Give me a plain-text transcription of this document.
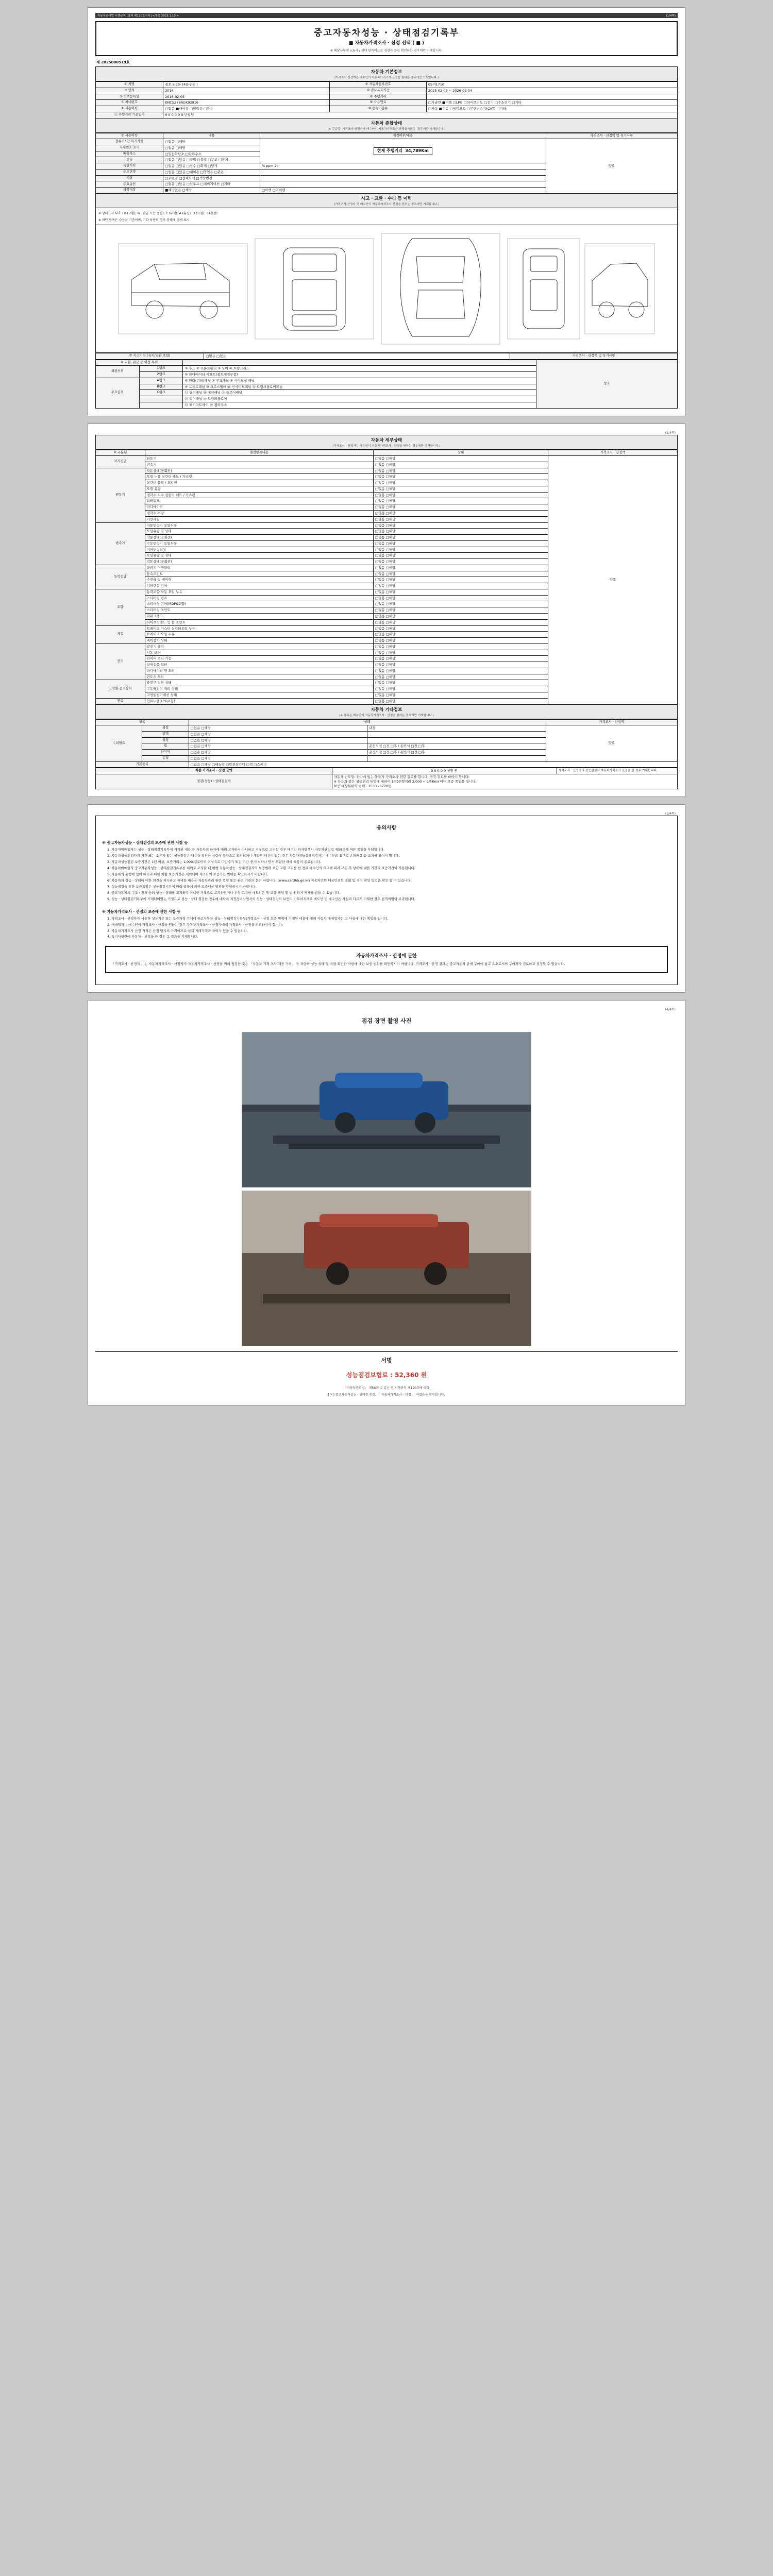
자동차관리법 시행규칙 [별지 제120호서식] <개정 2025.1.10.>	(1/4쪽)
중고자동차성능 · 상태점검기록부
■ 자동차가격조사 · 산정 선택 ( ■ )
※ 해당사항에 ∨표시 / 선택 항목이므로 점검자 본인 확인하는 경우에만 기재합니다.
제 2025000519호
자동차 기본정보
(가격조사·산정자는 매수인이 자동차가격조사·산정을 원하는 경우에만 기재합니다.)
① 차명	볼보 S 1톤 (4륜구동 )	② 자동차등록번호	05여1710
③ 연식	2016	④ 검사유효기간	2025-02-05 ~ 2026-02-04
⑤ 최초등록일	2016-02-05	⑥ 주행거리	
⑦ 차대번호	KNCSZ78AGK92916	⑧ 사용연료	□가솔린 ■디젤 □LPG □하이브리드 □전기 □수소전기 □기타
⑨ 사용이력	□없음 ■대여용 □영업용 □관용	⑩ 변속기종류	□자동 ■수동 □세미오토 □무단변속기(CVT) □기타
⑪ 주행거리 기준일자	0 0 0 0 0 0 년월일		
자동차 종합상태
(※ 주유량, 가격조사·산정자가 매수인이 자동차가격조사·산정을 원하는 경우에만 기재합니다.)
③ 사용이력	내용	점검여부/내용	가격조사 · 산정액 및 특기사항
전류기/ 압 특기사항	□없음 □해당	현재 주행거리 34,789Km	양호
자체번호 표기	□없음 □해당		
배출가스	□일산화탄소 □탄화수소		
튜닝	□없음 □있음 □적법 □불법 □구조 □장치		
특별이력	□없음 □있음 □침수 □화재 □덮개	% ppm 2t	
용도변경	□없음 □있음 □대여용 □영업용 □관용		
색상	□무변경 □전체도색 □색상변경		
주요옵션	□없음 □있음 □선루프 □내비게이션 □기타		
리콜대상	■해당없음 □해당	□이행 □미이행	
사고 · 교환 · 수리 등 이력
(가격조사·산정자 및 매수인이 자동차가격조사·산정을 원하는 경우에만 기재합니다.)
※ 상태표시 부호 : X (교환), W (판금 또는 용접), C (부식), A (흠집), U (요철), T (손상)
※ 하단 항목은 승용차 기준이며, 기타 차량의 경우 상태에 맞게 표시
⑦ 사고이력 (유지/교환 포함)	□없음 □있음	가격조사 · 산정액 및 특기사항
※ 교환, 판금 등 이상 부위			양호
외판부위	1랭크	① 후드 ② 프론트휀더 ③ 도어 ④ 트렁크리드	
	2랭크	⑤ 라디에이터 서포트(볼트체결부품)	
주요골격	A랭크	⑥ 휀더(쿼터)패널 ⑦ 루프패널 ⑧ 사이드실 패널	
	B랭크	⑨ 프론트패널 ⑩ 크로스멤버 ⑪ 인사이드패널 ⑫ 트렁크플로어패널	
	C랭크	⑬ 필러패널 ⑭ 대쉬패널 ⑮ 플로어패널	
		⑯ 리어패널 ⑰ 트렁크플로어	
		⑱ 패키지트레이 ⑲ 휠하우스	
(2/4쪽)
자동차 세부상태
(가격조사 · 산정자는 매수인이 자동차가격조사 · 산정을 원하는 경우에만 기재합니다.)
⑧ 구분된	점검항목내용	상태	가격조사 · 산정액
자기진단	원동기	□없음 □해당	양호
	변속기	□없음 □해당	
원동기	작동상태(공회전)	□없음 □해당	
	오일 누유 실린더 헤드 / 가스켓	□없음 □해당	
	실린더 블록 / 오일팬	□없음 □해당	
	오일 유량	□없음 □해당	
	냉각수 누수 실린더 헤드 / 가스켓	□없음 □해당	
	워터펌프	□없음 □해당	
	라디에이터	□없음 □해당	
	냉각수 수량	□없음 □해당	
	커먼레일	□없음 □해당	
변속기	자동변속기 오일누유	□없음 □해당	
	오일유량 및 상태	□없음 □해당	
	작동상태(공회전)	□없음 □해당	
	수동변속기 오일누유	□없음 □해당	
	기어변속장치	□없음 □해당	
	오일유량 및 상태	□없음 □해당	
	작동상태(공회전)	□없음 □해당	
동력전달	클러치 어셈블리	□없음 □해당	
	등속조인트	□없음 □해당	
	추진축 및 베어링	□없음 □해당	
	디퍼렌셜 기어	□없음 □해당	
조향	동력조향 작동 오일 누유	□없음 □해당	
	스티어링 펌프	□없음 □해당	
	스티어링 기어(MDPS포함)	□없음 □해당	
	스티어링 조인트	□없음 □해당	
	파워크랭크	□없음 □해당	
	타이로드엔드 및 볼 조인트	□없음 □해당	
제동	브레이크 마스터 실린더오일 누유	□없음 □해당	
	브레이크 오일 누유	□없음 □해당	
	배력장치 상태	□없음 □해당	
전기	발전기 출력	□없음 □해당	
	시동 모터	□없음 □해당	
	와이퍼 모터 기능	□없음 □해당	
	실내송풍 모터	□없음 □해당	
	라디에이터 팬 모터	□없음 □해당	
	윈도우 모터	□없음 □해당	
고전원 전기장치	충전구 절연 상태	□없음 □해당	
	구동축전지 격리 상태	□없음 □해당	
	고전원전기배선 상태	□없음 □해당	
연료	연료누출(LPG포함)	□없음 □해당	
자동차 기타정보
(※ 항목은 매수인이 자동차가격조사 · 산정을 원하는 경우에만 기재합니다.)
항목		상태		가격조사 · 산정액
수리필요	외장	□없음 □해당	내장	양호
	광택	□없음 □해당		
	룸싱	□없음 □해당		
	휠	□없음 □해당	운전석전 □전 □후 / 동반석 □전 □후	
	타이어	□없음 □해당	운전석전 □전 □후 / 동반석 □전 □후	
	유리	□없음 □해당		
기본품목		□없음 □해당 □메뉴얼 □안전삼각대 □잭 □스패너		
최종 가격조사 · 산정 금액	0 0 0 0 0 천원 원	가격조사 · 산정자의 성능점검자 자동차가격조사 산정을 한 경우 기재합니다.
점검(성능) · 상태점검자	자동차 인도일: 하자에 있는 물품가 가격조사 점검 검토를 합니다. 점검 검토를 하여야 합니다.
※ 다음과 같은 성능점검 내역에 대하여 1년(주행거리 2,000 ~ 1만Km) 이내 보증 책임을 집니다.
보증 대상부위와 범위 : 1533~0720번	
(3/4쪽)
유의사항
※ 중고자동차성능 · 상태점검의 보증에 관한 사항 등
1. 자동차매매업자는 성능 · 상태점검기록부에 기재된 내용 등 자동차의 하자에 대해 고지하지 아니하고 거짓으로 고지할 경우 매수인 하자발생시 자동차관리법 제58조에 따른 책임을 부담합니다.
2. 자동차성능점검자가 거짓 또는 오류가 있는 성능점검은 내용을 확인한 사람이 불량으로 확인되거나 계약된 내용이 없는 경우 자동차성능상태점검자는 매수인의 요구로 손해배상 등 조치를 하여야 합니다.
3. 자동차성능점검 보증기간은 1년 이상, 보증거리는 1,000 킬로미터 이상으로 다만주기 또는 기간 중 어느하나 먼저 도달한 때에 보증이 종료됩니다.
4. 자동차매매업자 중고자동차성능 · 상태점검기록부를 허위로 고지할 때 현행 자동차성능 · 상태점검자의 보증범위 포함 교환 고지를 한 경우 매수인의 요구에 따라 구입 후 상태에 대한 기간의 보증기간이 적용됩니다.
5. 자동차의 운행에 있어 배터리 대한 차량 보증기간은 제외되며 제조사의 보증기간 범위를 확인하시기 바랍니다.
6. 자동차의 성능 · 상태에 대한 의견을 제시하고 자세한 내용은 자동차관리 관련 법령 또는 관련 기관의 문의 바랍니다. (www.car365.go.kr) 자동차민원 대국민포털 조회 및 경신 확인 방법을 확인 할 수 있습니다.
7. 성능점검을 통한 보증책임은 성능점검기간에 따라 법률에 의한 보증대상 범위를 확인하시기 바랍니다.
8. 중고자동차의 구조 · 장치 등의 성능 · 상태를 고지하지 아니한 거짓으로 고지하였거나 부정 고지한 매도인은 위 보증 책임 및 법에 의거 제재를 받을 수 있습니다.
9. 성능 · 상태점검기록부에 기재되어있는 거짓으로 성능 · 상태 점검한 경우에 대하여 지정정비사업자의 성능 · 상태점검의 보증이 이루어지므로 매도인 및 매수인은 사실과 다르게 기재한 경우 법적책임이 부과됩니다.
※ 자동차가격조사 · 산정의 보증에 관한 사항 등
1. 가격조사 · 산정자가 사용한 성능기준 또는 보증가격 기재에 중고자동차 성능 · 상태점검기록부(가격조사 · 산정 보증 범위에 기재된 내용에 대해 자동차 매매업자는 그 사실에 대한 책임을 집니다.
2. 매매업자는 매수인이 가격조사 · 산정을 원하는 경우 자동차가격조사 · 산정자에게 가격조사 · 산정을 의뢰하여야 합니다.
3. 자동차가격조사 산정 가격은 산정 당시의 가격이므로 실제 거래가격과 차이가 있을 수 있습니다.
4. 특기사항란에 자동차 · 산정을 한 경우 그 결과를 기재합니다.
자동차가격조사 · 산정에 관한
「가격조사 · 산정자 」는 자동차가격조사 · 산정자가 자동차가격조사 · 산정을 위해 점검한 것은 「자동차 가격 조사 제공 가격」 등 차량의 성능 상태 및 차량 확인한 사항에 대한 보증 범위를 확인하시기 바랍니다. 가격조사 · 산정 결과는 중고자동차 판매 구매에 참고 요소로서의 구매자가 검토하고 결정할 수 있습니다.
(4/4쪽)
점검 장면 촬영 사진
서명
성능점검보험료 : 52,360 원
「자동차관리법」 제58조 및 같은 법 시행규칙 제120조에 따라
[ Y ] 중고자동차성능 · 상태를 점검, 「 자동차가격조사 · 산정 」 하였음을 확인합니다.
